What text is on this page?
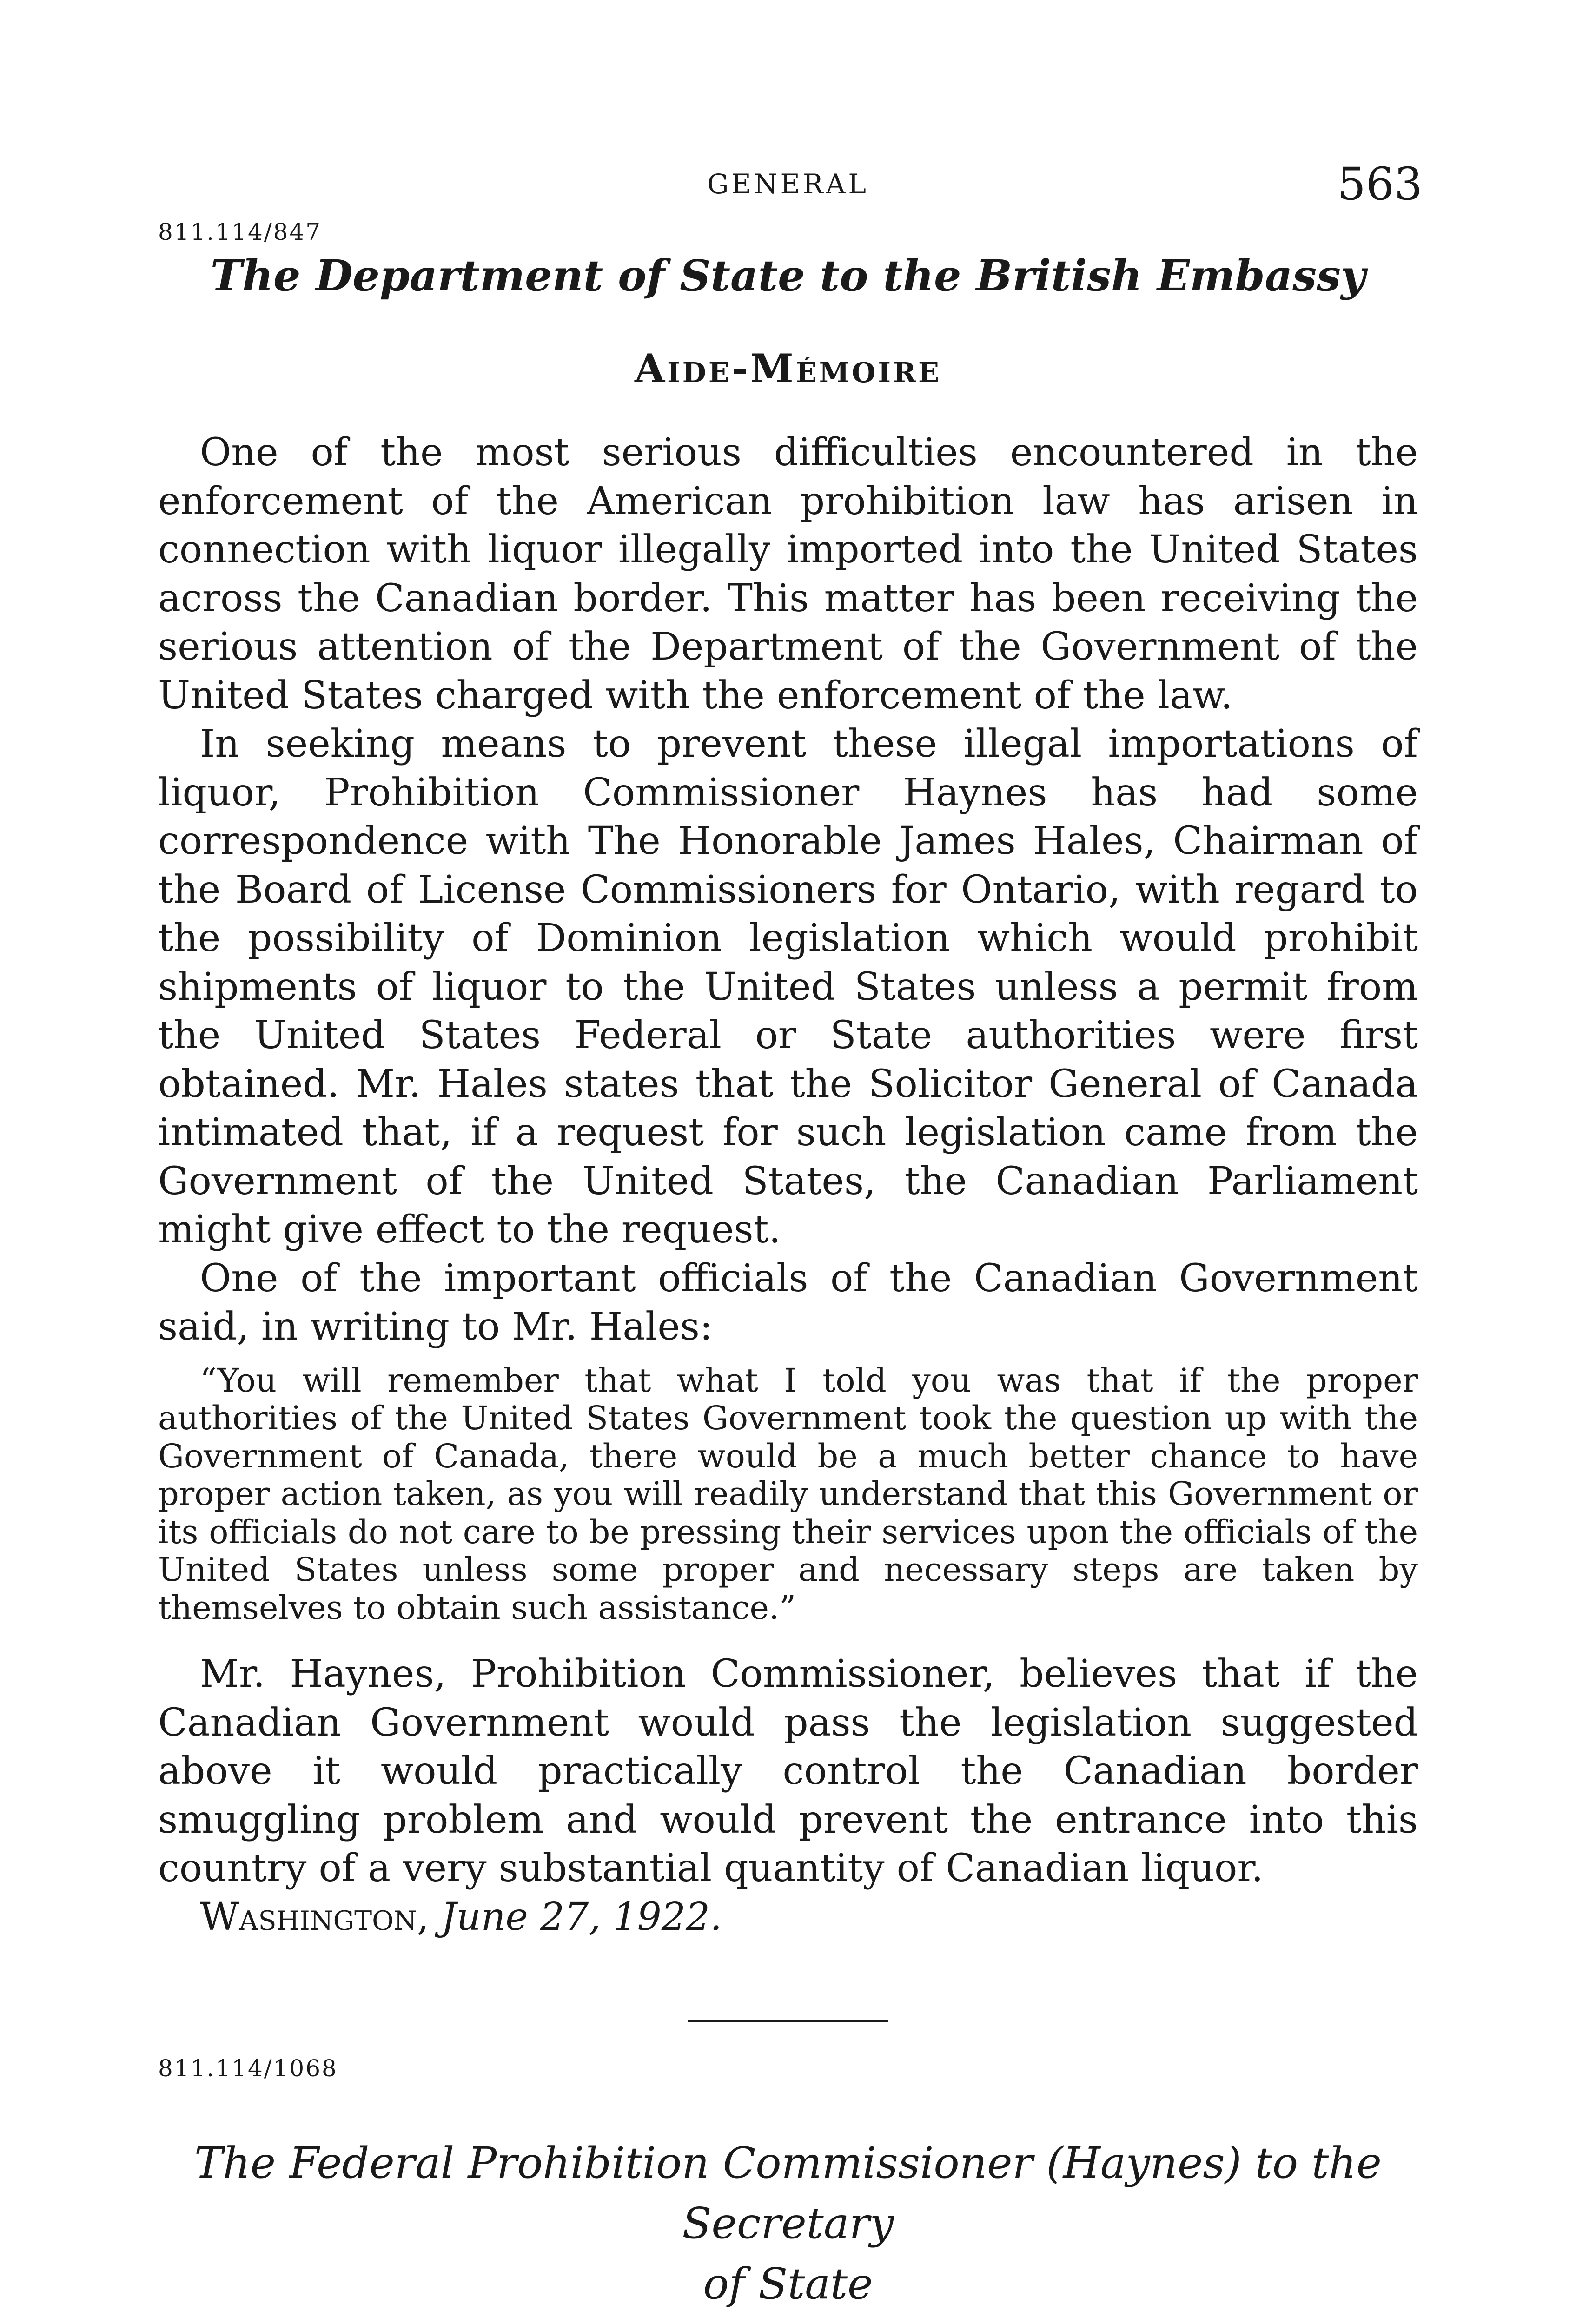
GENERAL	563
811.114/847
The Department of State to the British Embassy
Aide-Mémoire

One of the most serious difficulties encountered in the enforcement of the American prohibition law has arisen in connection with liquor illegally imported into the United States across the Canadian border. This matter has been receiving the serious attention of the Department of the Government of the United States charged with the enforcement of the law.

In seeking means to prevent these illegal importations of liquor, Prohibition Commissioner Haynes has had some correspondence with The Honorable James Hales, Chairman of the Board of License Commissioners for Ontario, with regard to the possibility of Dominion legislation which would prohibit shipments of liquor to the United States unless a permit from the United States Federal or State authorities were first obtained. Mr. Hales states that the Solicitor General of Canada intimated that, if a request for such legislation came from the Government of the United States, the Canadian Parliament might give effect to the request.

One of the important officials of the Canadian Government said, in writing to Mr. Hales:

“You will remember that what I told you was that if the proper authorities of the United States Government took the question up with the Government of Canada, there would be a much better chance to have proper action taken, as you will readily understand that this Government or its officials do not care to be pressing their services upon the officials of the United States unless some proper and necessary steps are taken by themselves to obtain such assistance.”

Mr. Haynes, Prohibition Commissioner, believes that if the Canadian Government would pass the legislation suggested above it would practically control the Canadian border smuggling problem and would prevent the entrance into this country of a very substantial quantity of Canadian liquor.

Washington, June 27, 1922.
811.114/1068
The Federal Prohibition Commissioner (Haynes) to the Secretary
of State
